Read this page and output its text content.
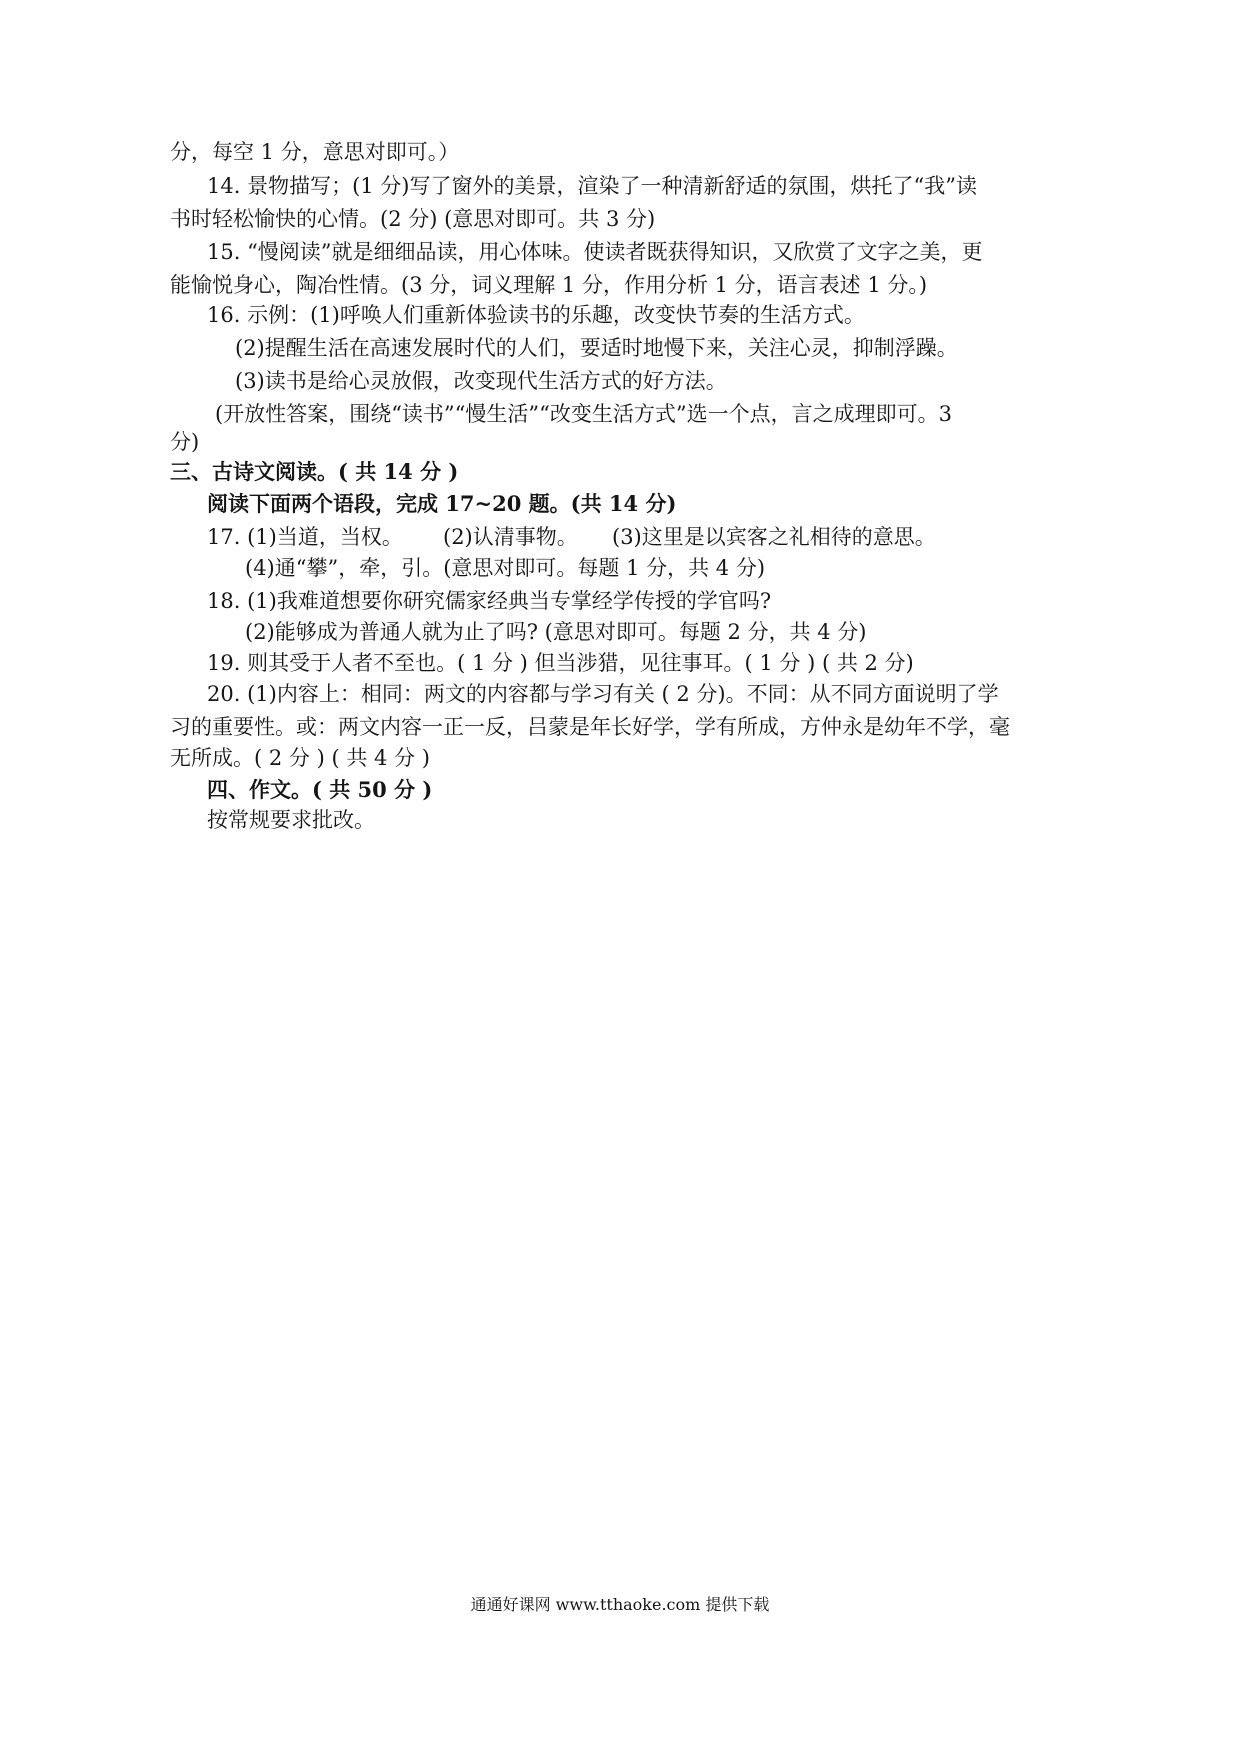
分，每空 1 分，意思对即可。）
14. 景物描写；(1 分)写了窗外的美景，渲染了一种清新舒适的氛围，烘托了“我”读
书时轻松愉快的心情。(2 分) (意思对即可。共 3 分)
15. “慢阅读”就是细细品读，用心体味。使读者既获得知识，又欣赏了文字之美，更
能愉悦身心，陶冶性情。(3 分，词义理解 1 分，作用分析 1 分，语言表述 1 分。)
16. 示例：(1)呼唤人们重新体验读书的乐趣，改变快节奏的生活方式。
(2)提醒生活在高速发展时代的人们，要适时地慢下来，关注心灵，抑制浮躁。
(3)读书是给心灵放假，改变现代生活方式的好方法。
(开放性答案，围绕“读书”“慢生活”“改变生活方式”选一个点，言之成理即可。3
分)
三、古诗文阅读。( 共 14 分 )
阅读下面两个语段，完成 17~20 题。(共 14 分)
17. (1)当道，当权。 (2)认清事物。 (3)这里是以宾客之礼相待的意思。
(4)通“攀”，牵，引。(意思对即可。每题 1 分，共 4 分)
18. (1)我难道想要你研究儒家经典当专掌经学传授的学官吗?
(2)能够成为普通人就为止了吗? (意思对即可。每题 2 分，共 4 分)
19. 则其受于人者不至也。( 1 分 ) 但当涉猎，见往事耳。( 1 分 ) ( 共 2 分)
20. (1)内容上：相同：两文的内容都与学习有关 ( 2 分)。不同：从不同方面说明了学
习的重要性。或：两文内容一正一反，吕蒙是年长好学，学有所成，方仲永是幼年不学，毫
无所成。( 2 分 ) ( 共 4 分 )
四、作文。( 共 50 分 )
按常规要求批改。
通通好课网 www.tthaoke.com 提供下载
